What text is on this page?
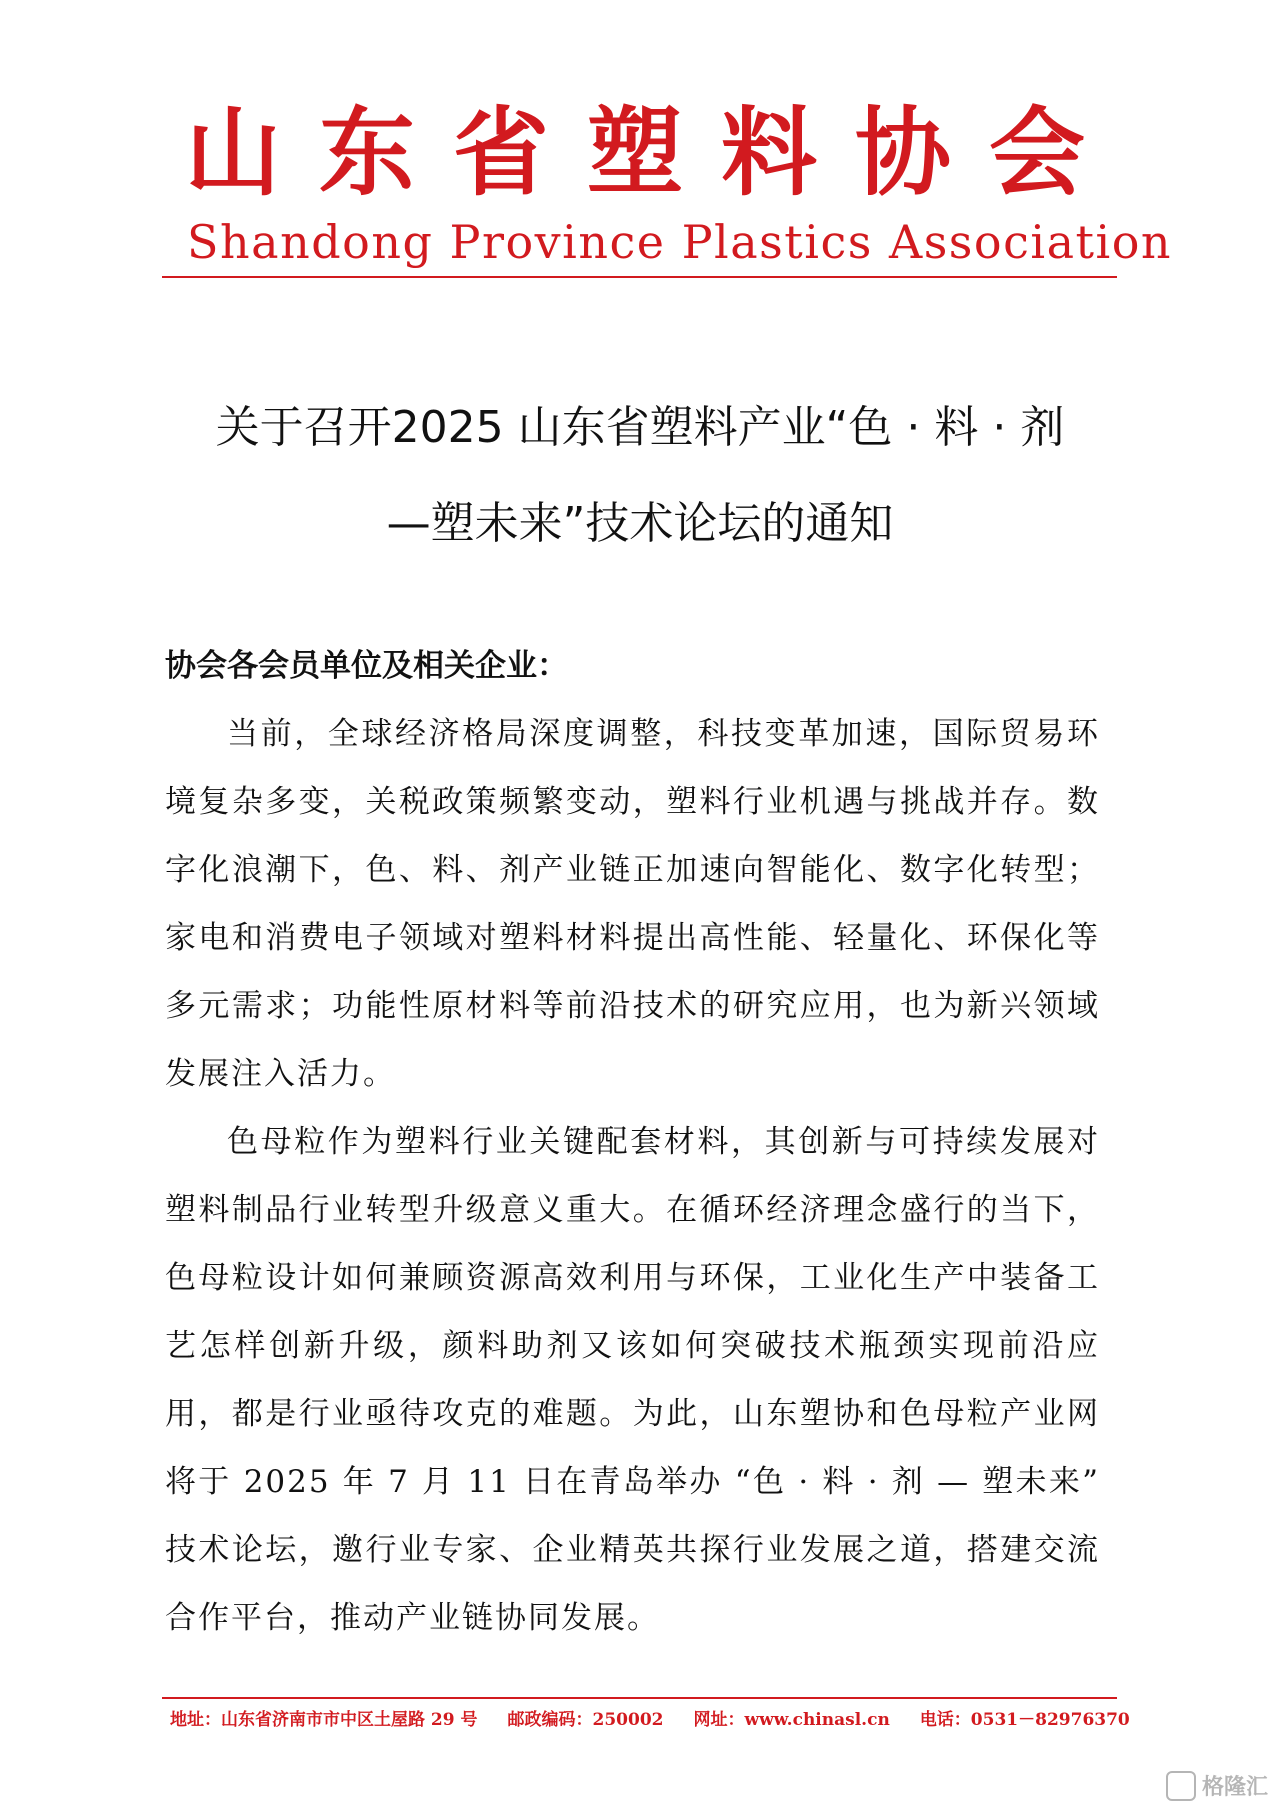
山 东 省 塑 料 协 会
Shandong Province Plastics Association
关于召开2025 山东省塑料产业“色 · 料 · 剂
—塑未来”技术论坛的通知
协会各会员单位及相关企业：

当前，全球经济格局深度调整，科技变革加速，国际贸易环境复杂多变，关税政策频繁变动，塑料行业机遇与挑战并存。数字化浪潮下，色、料、剂产业链正加速向智能化、数字化转型；家电和消费电子领域对塑料材料提出高性能、轻量化、环保化等多元需求；功能性原材料等前沿技术的研究应用，也为新兴领域发展注入活力。

色母粒作为塑料行业关键配套材料，其创新与可持续发展对塑料制品行业转型升级意义重大。在循环经济理念盛行的当下，色母粒设计如何兼顾资源高效利用与环保，工业化生产中装备工艺怎样创新升级，颜料助剂又该如何突破技术瓶颈实现前沿应用，都是行业亟待攻克的难题。为此，山东塑协和色母粒产业网将于 2025 年 7 月 11 日在青岛举办 “色 · 料 · 剂 — 塑未来” 技术论坛，邀行业专家、企业精英共探行业发展之道，搭建交流合作平台，推动产业链协同发展。

地址：山东省济南市市中区土屋路 29 号 邮政编码：250002 网址：www.chinasl.cn 电话：0531－82976370
格隆汇
